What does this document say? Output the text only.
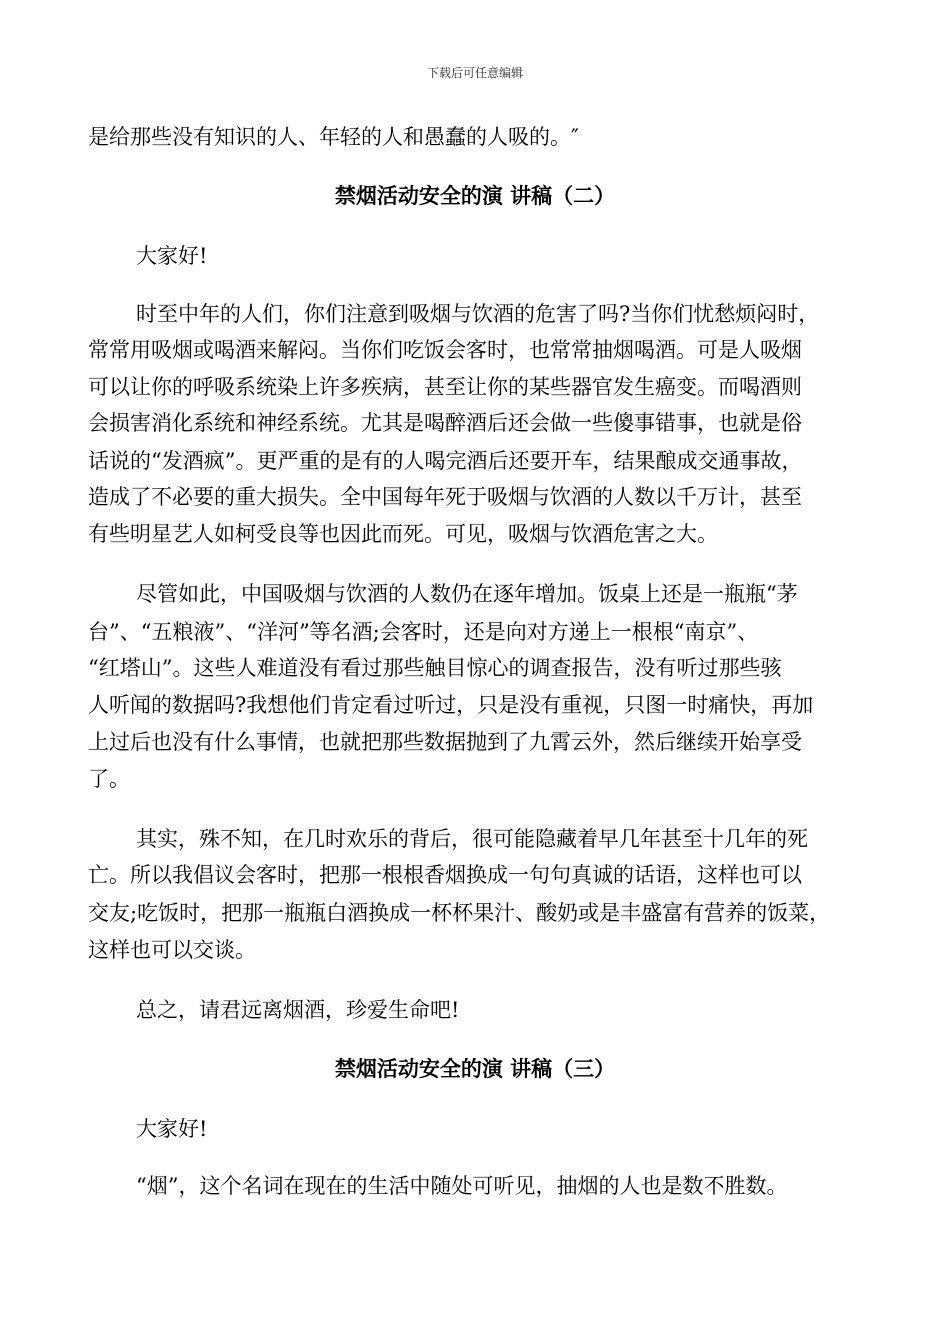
下载后可任意编辑
是给那些没有知识的人、年轻的人和愚蠢的人吸的。″
禁烟活动安全的演 讲稿（二）
大家好!
时至中年的人们，你们注意到吸烟与饮酒的危害了吗?当你们忧愁烦闷时，
常常用吸烟或喝酒来解闷。当你们吃饭会客时，也常常抽烟喝酒。可是人吸烟
可以让你的呼吸系统染上许多疾病，甚至让你的某些器官发生癌变。而喝酒则
会损害消化系统和神经系统。尤其是喝醉酒后还会做一些傻事错事，也就是俗
话说的“发酒疯”。更严重的是有的人喝完酒后还要开车，结果酿成交通事故，
造成了不必要的重大损失。全中国每年死于吸烟与饮酒的人数以千万计，甚至
有些明星艺人如柯受良等也因此而死。可见，吸烟与饮酒危害之大。
尽管如此，中国吸烟与饮酒的人数仍在逐年增加。饭桌上还是一瓶瓶“茅
台”、“五粮液”、“洋河”等名酒;会客时，还是向对方递上一根根“南京”、
“红塔山”。这些人难道没有看过那些触目惊心的调查报告，没有听过那些骇
人听闻的数据吗?我想他们肯定看过听过，只是没有重视，只图一时痛快，再加
上过后也没有什么事情，也就把那些数据抛到了九霄云外，然后继续开始享受
了。
其实，殊不知，在几时欢乐的背后，很可能隐藏着早几年甚至十几年的死
亡。所以我倡议会客时，把那一根根香烟换成一句句真诚的话语，这样也可以
交友;吃饭时，把那一瓶瓶白酒换成一杯杯果汁、酸奶或是丰盛富有营养的饭菜，
这样也可以交谈。
总之，请君远离烟酒，珍爱生命吧!
禁烟活动安全的演 讲稿（三）
大家好!
“烟”，这个名词在现在的生活中随处可听见，抽烟的人也是数不胜数。
